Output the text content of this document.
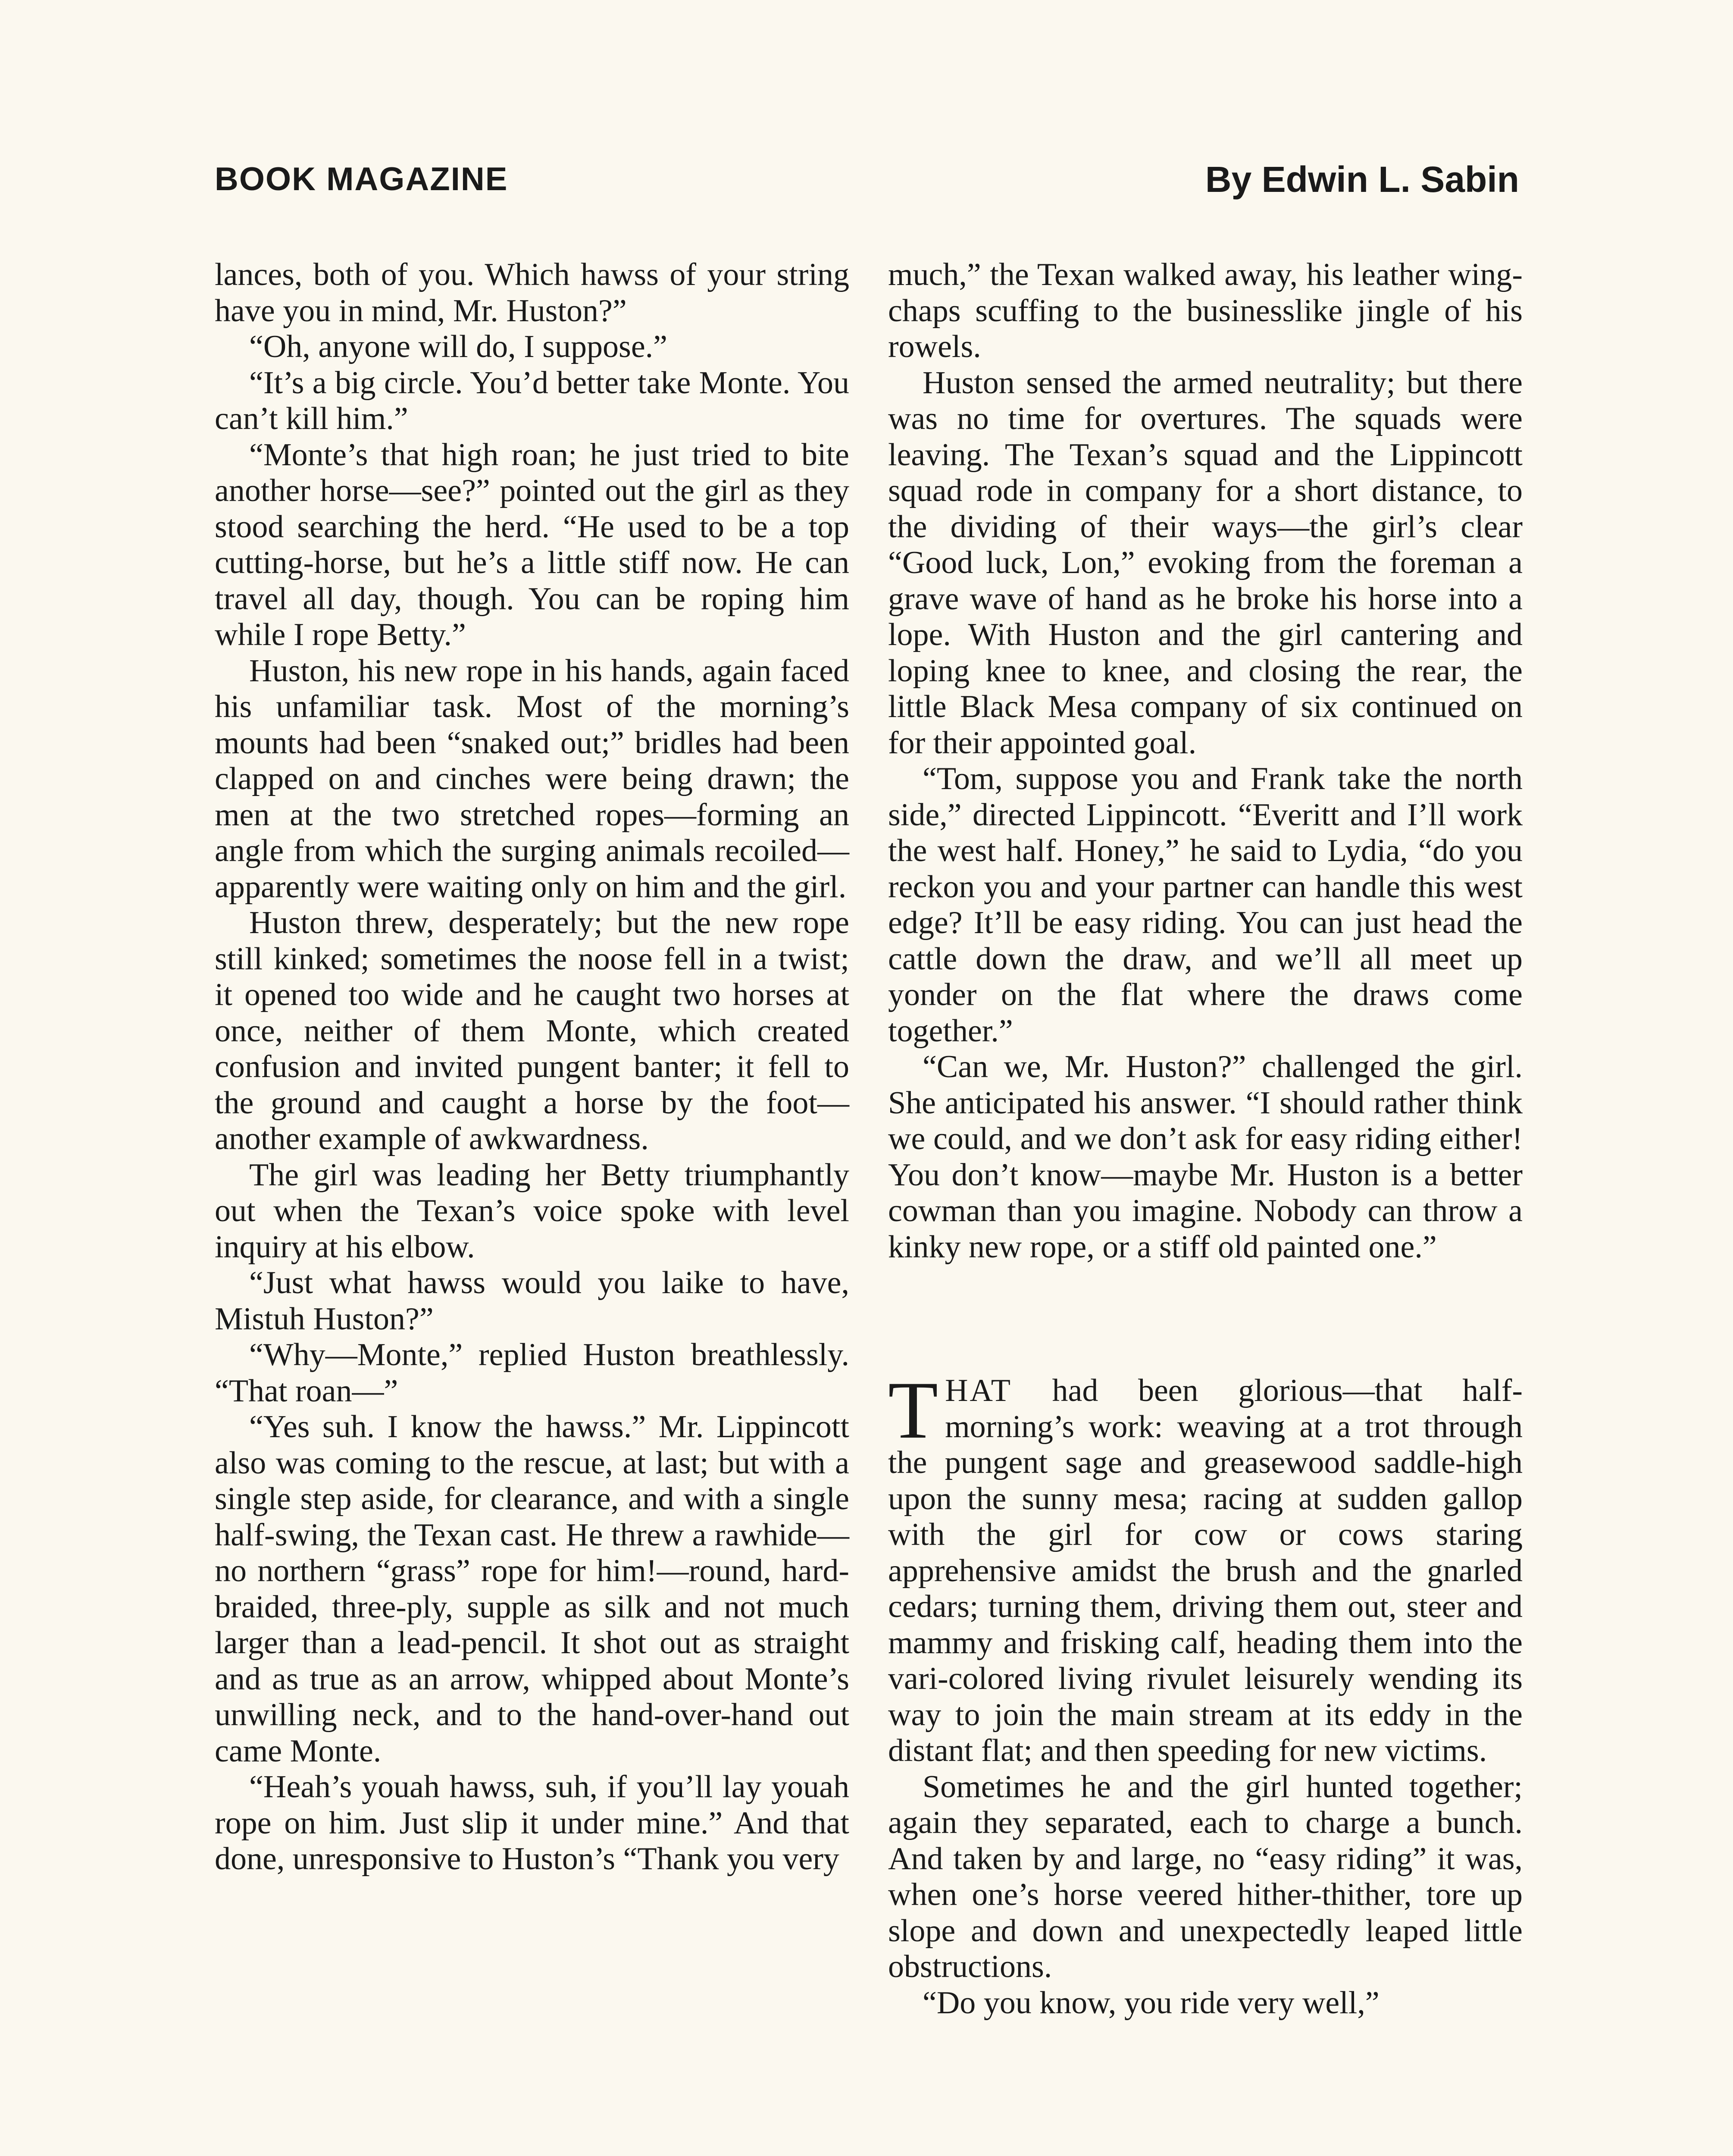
BOOK MAGAZINE	By Edwin L. Sabin

lances, both of you. Which hawss of your string have you in mind, Mr. Huston?”

“Oh, anyone will do, I suppose.”

“It’s a big circle. You’d better take Monte. You can’t kill him.”

“Monte’s that high roan; he just tried to bite another horse—see?” pointed out the girl as they stood searching the herd. “He used to be a top cutting-horse, but he’s a little stiff now. He can travel all day, though. You can be roping him while I rope Betty.”

Huston, his new rope in his hands, again faced his unfamiliar task. Most of the morning’s mounts had been “snaked out;” bridles had been clapped on and cinches were being drawn; the men at the two stretched ropes—forming an angle from which the surging animals recoiled—apparently were waiting only on him and the girl.

Huston threw, desperately; but the new rope still kinked; sometimes the noose fell in a twist; it opened too wide and he caught two horses at once, neither of them Monte, which created confusion and invited pungent banter; it fell to the ground and caught a horse by the foot—another example of awkwardness.

The girl was leading her Betty triumphantly out when the Texan’s voice spoke with level inquiry at his elbow.

“Just what hawss would you laike to have, Mistuh Huston?”

“Why—Monte,” replied Huston breathlessly. “That roan—”

“Yes suh. I know the hawss.” Mr. Lippincott also was coming to the rescue, at last; but with a single step aside, for clearance, and with a single half-swing, the Texan cast. He threw a rawhide—no northern “grass” rope for him!—round, hard-braided, three-ply, supple as silk and not much larger than a lead-pencil. It shot out as straight and as true as an arrow, whipped about Monte’s unwilling neck, and to the hand-over-hand out came Monte.

“Heah’s youah hawss, suh, if you’ll lay youah rope on him. Just slip it under mine.” And that done, unresponsive to Huston’s “Thank you very

much,” the Texan walked away, his leather wing-chaps scuffing to the businesslike jingle of his rowels.

Huston sensed the armed neutrality; but there was no time for overtures. The squads were leaving. The Texan’s squad and the Lippincott squad rode in company for a short distance, to the dividing of their ways—the girl’s clear “Good luck, Lon,” evoking from the foreman a grave wave of hand as he broke his horse into a lope. With Huston and the girl cantering and loping knee to knee, and closing the rear, the little Black Mesa company of six continued on for their appointed goal.

“Tom, suppose you and Frank take the north side,” directed Lippincott. “Everitt and I’ll work the west half. Honey,” he said to Lydia, “do you reckon you and your partner can handle this west edge? It’ll be easy riding. You can just head the cattle down the draw, and we’ll all meet up yonder on the flat where the draws come together.”

“Can we, Mr. Huston?” challenged the girl. She anticipated his answer. “I should rather think we could, and we don’t ask for easy riding either! You don’t know—maybe Mr. Huston is a better cowman than you imagine. Nobody can throw a kinky new rope, or a stiff old painted one.”

THAT had been glorious—that half-morning’s work: weaving at a trot through the pungent sage and greasewood saddle-high upon the sunny mesa; racing at sudden gallop with the girl for cow or cows staring apprehensive amidst the brush and the gnarled cedars; turning them, driving them out, steer and mammy and frisking calf, heading them into the vari-colored living rivulet leisurely wending its way to join the main stream at its eddy in the distant flat; and then speeding for new victims.

Sometimes he and the girl hunted together; again they separated, each to charge a bunch. And taken by and large, no “easy riding” it was, when one’s horse veered hither-thither, tore up slope and down and unexpectedly leaped little obstructions.

“Do you know, you ride very well,”
